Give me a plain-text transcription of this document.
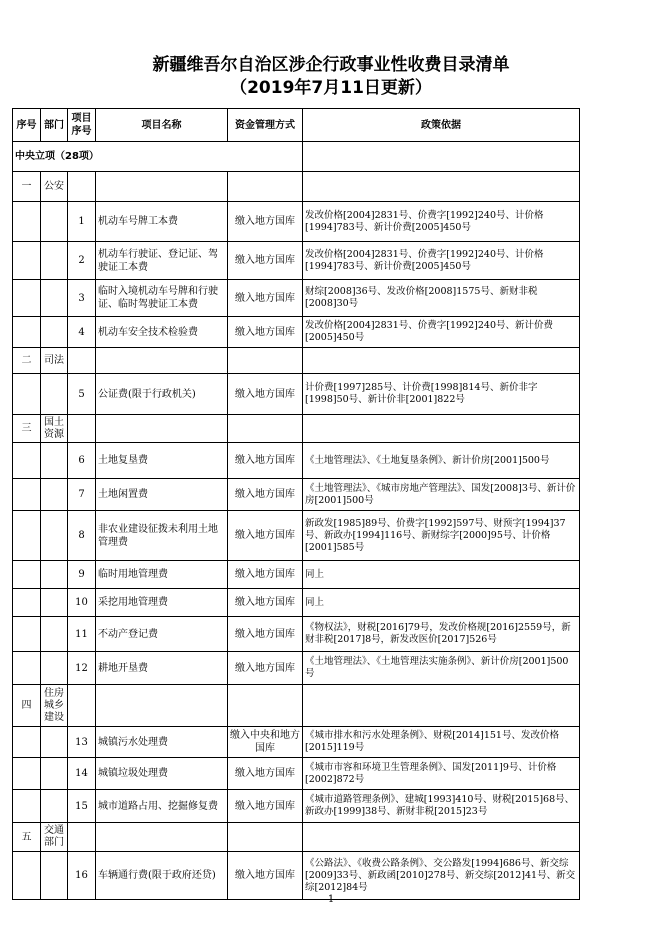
新疆维吾尔自治区涉企行政事业性收费目录清单
（2019年7月11日更新）
序号	部门	项目序号	项目名称	资金管理方式	政策依据
中央立项（28项）					
一	公安				
		1	机动车号牌工本费	缴入地方国库	发改价格[2004]2831号、价费字[1992]240号、计价格[1994]783号、新计价费[2005]450号
		2	机动车行驶证、登记证、驾驶证工本费	缴入地方国库	发改价格[2004]2831号、价费字[1992]240号、计价格[1994]783号、新计价费[2005]450号
		3	临时入境机动车号牌和行驶证、临时驾驶证工本费	缴入地方国库	财综[2008]36号、发改价格[2008]1575号、新财非税[2008]30号
		4	机动车安全技术检验费	缴入地方国库	发改价格[2004]2831号、价费字[1992]240号、新计价费[2005]450号
二	司法				
		5	公证费(限于行政机关)	缴入地方国库	计价费[1997]285号、计价费[1998]814号、新价非字[1998]50号、新计价非[2001]822号
三	国土资源				
		6	土地复垦费	缴入地方国库	《土地管理法》、《土地复垦条例》、新计价房[2001]500号
		7	土地闲置费	缴入地方国库	《土地管理法》、《城市房地产管理法》、国发[2008]3号、新计价房[2001]500号
		8	非农业建设征拨未利用土地管理费	缴入地方国库	新政发[1985]89号、价费字[1992]597号、财预字[1994]37号、新政办[1994]116号、新财综字[2000]95号、计价格[2001]585号
		9	临时用地管理费	缴入地方国库	同上
		10	采挖用地管理费	缴入地方国库	同上
		11	不动产登记费	缴入地方国库	《物权法》，财税[2016]79号，发改价格规[2016]2559号，新财非税[2017]8号，新发改医价[2017]526号
		12	耕地开垦费	缴入地方国库	《土地管理法》、《土地管理法实施条例》、新计价房[2001]500号
四	住房城乡建设				
		13	城镇污水处理费	缴入中央和地方国库	《城市排水和污水处理条例》、财税[2014]151号、发改价格[2015]119号
		14	城镇垃圾处理费	缴入地方国库	《城市市容和环境卫生管理条例》、国发[2011]9号、计价格[2002]872号
		15	城市道路占用、挖掘修复费	缴入地方国库	《城市道路管理条例》、建城[1993]410号、财税[2015]68号、新政办[1999]38号、新财非税[2015]23号
五	交通部门				
		16	车辆通行费(限于政府还贷)	缴入地方国库	《公路法》、《收费公路条例》、交公路发[1994]686号、新交综[2009]33号、新政函[2010]278号、新交综[2012]41号、新交综[2012]84号
1
